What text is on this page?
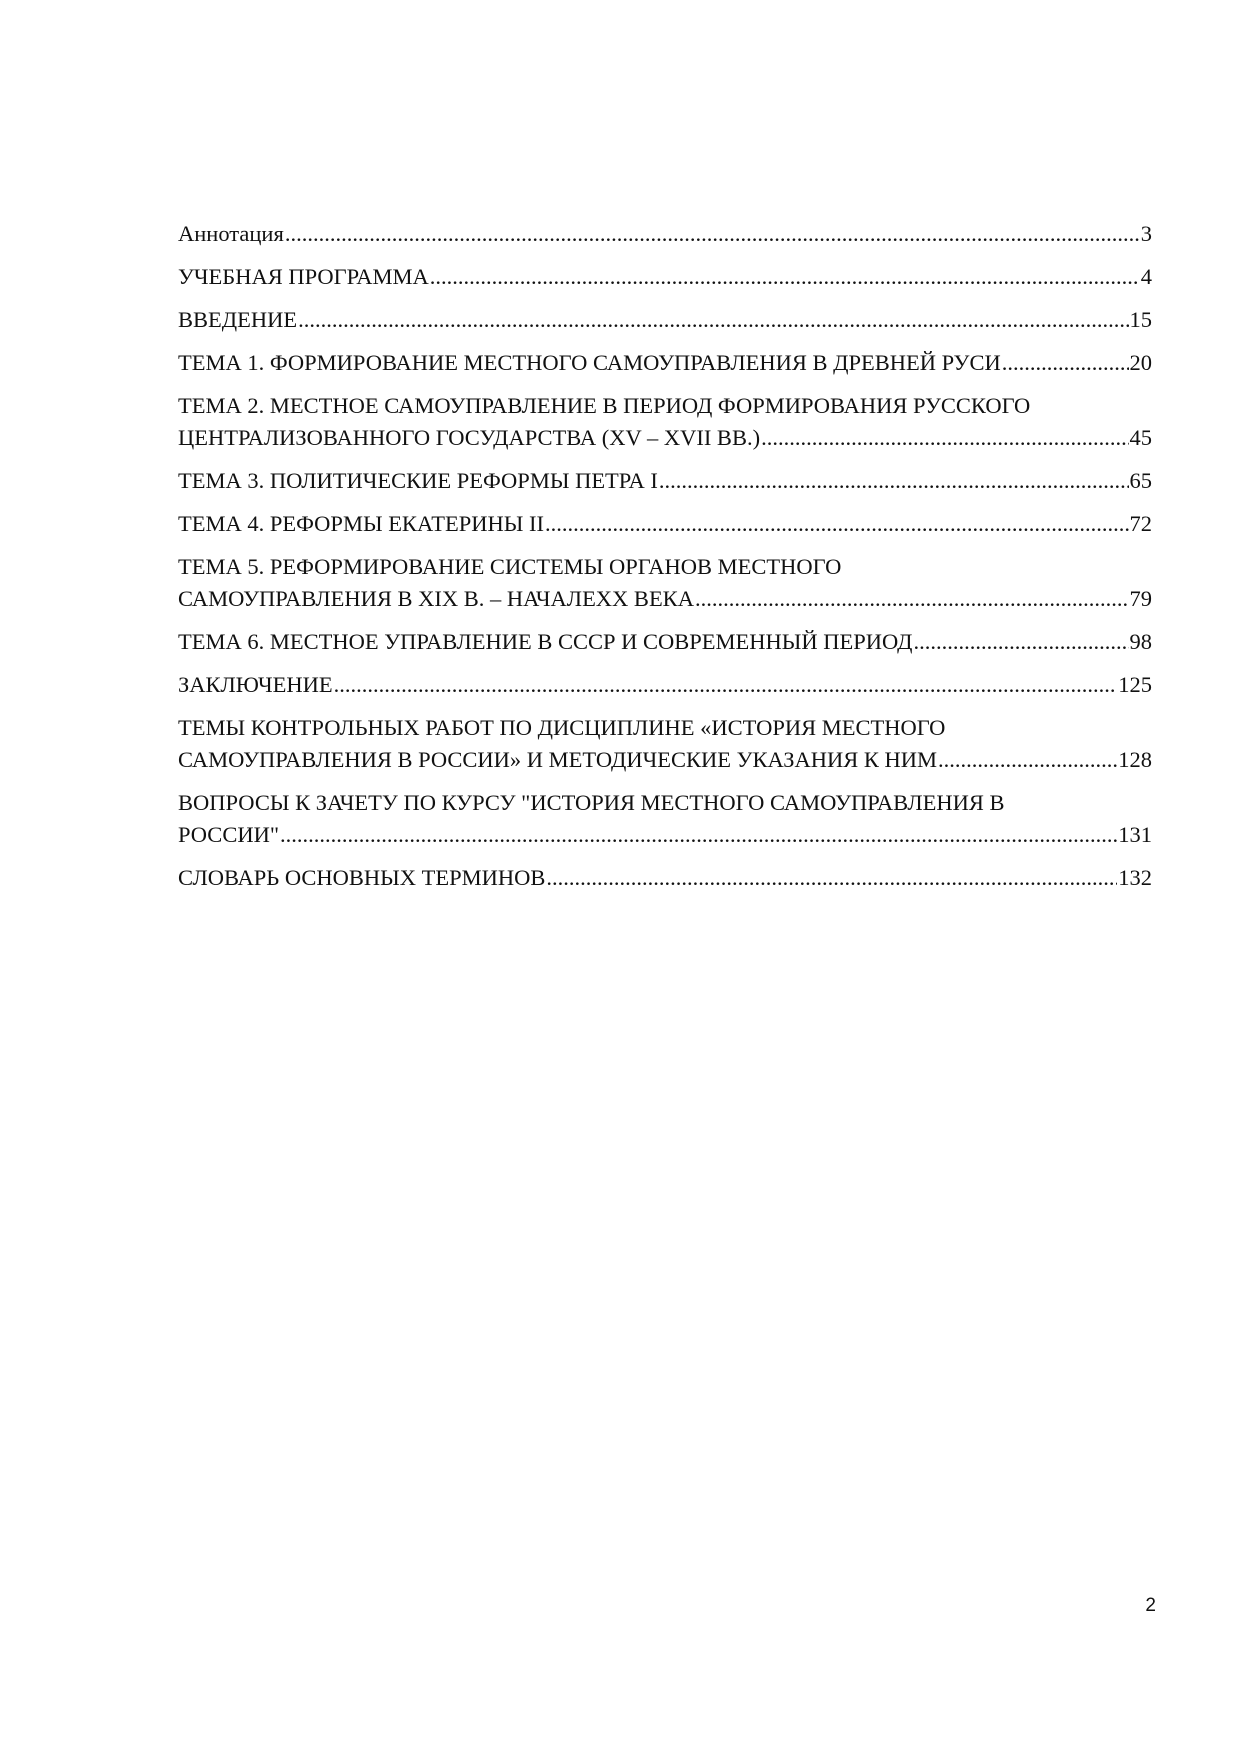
Аннотация .....	3
УЧЕБНАЯ ПРОГРАММА .....	4
ВВЕДЕНИЕ .....	15
ТЕМА 1. ФОРМИРОВАНИЕ МЕСТНОГО САМОУПРАВЛЕНИЯ В ДРЕВНЕЙ РУСИ .....	20
ТЕМА 2. МЕСТНОЕ САМОУПРАВЛЕНИЕ В ПЕРИОД ФОРМИРОВАНИЯ РУССКОГО
ЦЕНТРАЛИЗОВАННОГО ГОСУДАРСТВА (XV – XVII ВВ.) .....	45
ТЕМА 3. ПОЛИТИЧЕСКИЕ РЕФОРМЫ ПЕТРА I .....	65
ТЕМА 4. РЕФОРМЫ ЕКАТЕРИНЫ II .....	72
ТЕМА 5. РЕФОРМИРОВАНИЕ СИСТЕМЫ ОРГАНОВ МЕСТНОГО
САМОУПРАВЛЕНИЯ В XIX В. – НАЧАЛЕXX ВЕКА .....	79
ТЕМА 6. МЕСТНОЕ УПРАВЛЕНИЕ В СССР И СОВРЕМЕННЫЙ ПЕРИОД .....	98
ЗАКЛЮЧЕНИЕ .....	125
ТЕМЫ КОНТРОЛЬНЫХ РАБОТ ПО ДИСЦИПЛИНЕ «ИСТОРИЯ МЕСТНОГО
САМОУПРАВЛЕНИЯ В РОССИИ» И МЕТОДИЧЕСКИЕ УКАЗАНИЯ К НИМ .....	128
ВОПРОСЫ К ЗАЧЕТУ ПО КУРСУ "ИСТОРИЯ МЕСТНОГО САМОУПРАВЛЕНИЯ В
РОССИИ" .....	131
СЛОВАРЬ ОСНОВНЫХ ТЕРМИНОВ .....	132
2
